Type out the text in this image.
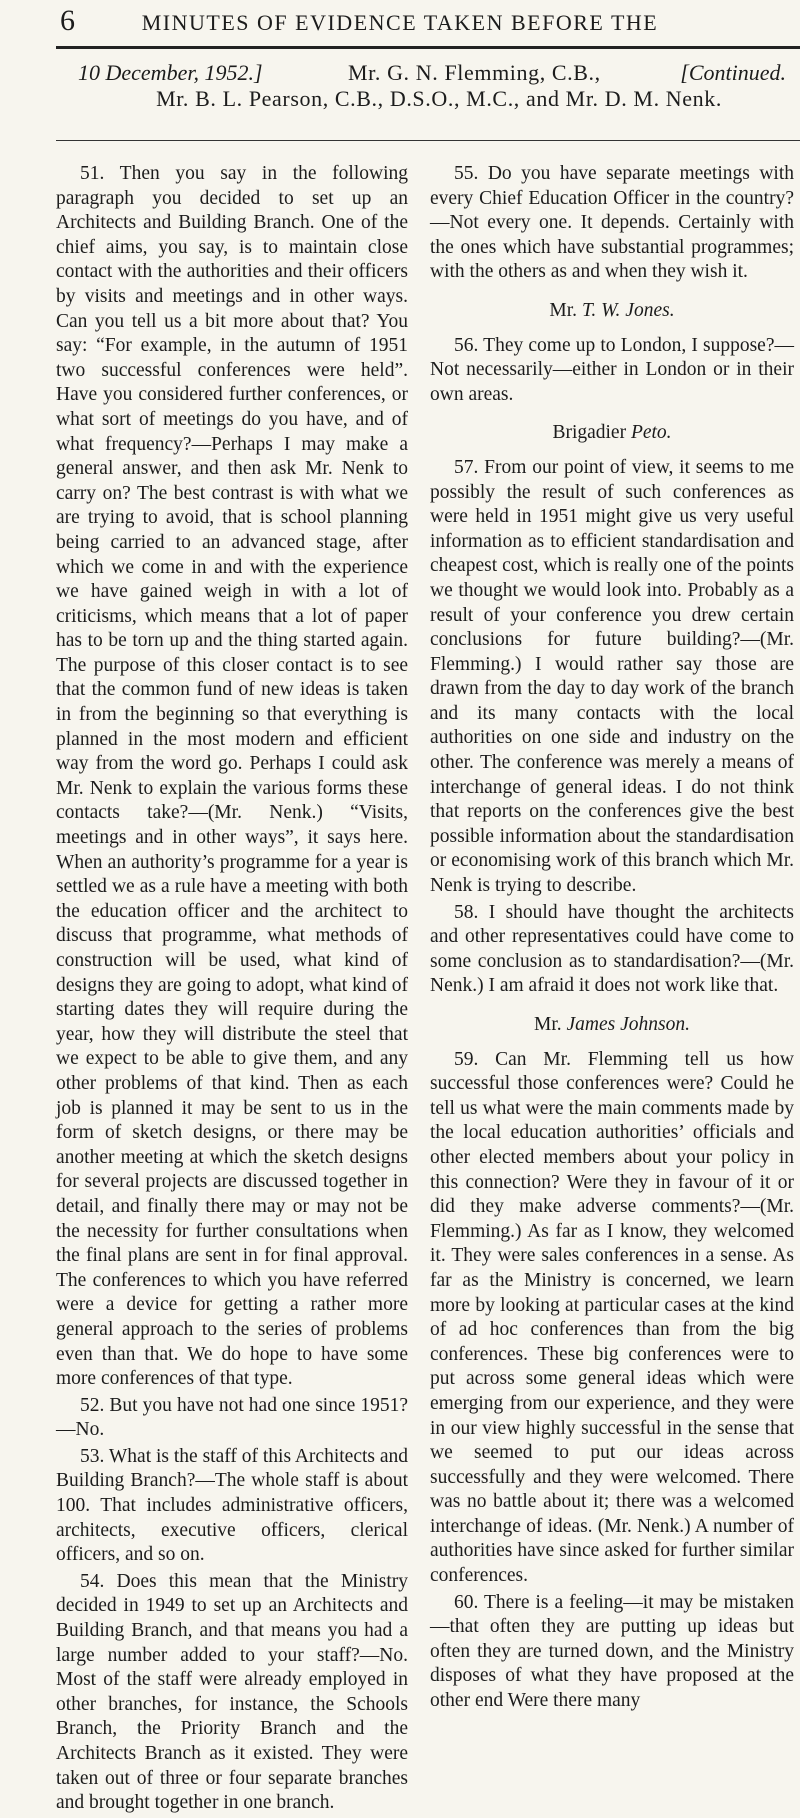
6	MINUTES OF EVIDENCE TAKEN BEFORE THE
10 December, 1952.]	Mr. G. N. Flemming, C.B.,	[Continued.
Mr. B. L. Pearson, C.B., D.S.O., M.C., and Mr. D. M. Nenk.

51. Then you say in the following paragraph you decided to set up an Architects and Building Branch. One of the chief aims, you say, is to maintain close contact with the authorities and their officers by visits and meetings and in other ways. Can you tell us a bit more about that? You say: “For example, in the autumn of 1951 two successful conferences were held”. Have you considered further conferences, or what sort of meetings do you have, and of what frequency?—Perhaps I may make a general answer, and then ask Mr. Nenk to carry on? The best contrast is with what we are trying to avoid, that is school planning being carried to an advanced stage, after which we come in and with the experience we have gained weigh in with a lot of criticisms, which means that a lot of paper has to be torn up and the thing started again. The purpose of this closer contact is to see that the common fund of new ideas is taken in from the beginning so that everything is planned in the most modern and efficient way from the word go. Perhaps I could ask Mr. Nenk to explain the various forms these contacts take?—(Mr. Nenk.) “Visits, meetings and in other ways”, it says here. When an authority’s programme for a year is settled we as a rule have a meeting with both the education officer and the architect to discuss that programme, what methods of construction will be used, what kind of designs they are going to adopt, what kind of starting dates they will require during the year, how they will distribute the steel that we expect to be able to give them, and any other problems of that kind. Then as each job is planned it may be sent to us in the form of sketch designs, or there may be another meeting at which the sketch designs for several projects are discussed together in detail, and finally there may or may not be the necessity for further consultations when the final plans are sent in for final approval. The conferences to which you have referred were a device for getting a rather more general approach to the series of problems even than that. We do hope to have some more conferences of that type.

52. But you have not had one since 1951?—No.

53. What is the staff of this Architects and Building Branch?—The whole staff is about 100. That includes administrative officers, architects, executive officers, clerical officers, and so on.

54. Does this mean that the Ministry decided in 1949 to set up an Architects and Building Branch, and that means you had a large number added to your staff?—No. Most of the staff were already employed in other branches, for instance, the Schools Branch, the Priority Branch and the Architects Branch as it existed. They were taken out of three or four separate branches and brought together in one branch.

55. Do you have separate meetings with every Chief Education Officer in the country?—Not every one. It depends. Certainly with the ones which have substantial programmes; with the others as and when they wish it.

Mr. T. W. Jones.

56. They come up to London, I suppose?—Not necessarily—either in London or in their own areas.

Brigadier Peto.

57. From our point of view, it seems to me possibly the result of such conferences as were held in 1951 might give us very useful information as to efficient standardisation and cheapest cost, which is really one of the points we thought we would look into. Probably as a result of your conference you drew certain conclusions for future building?—(Mr. Flemming.) I would rather say those are drawn from the day to day work of the branch and its many contacts with the local authorities on one side and industry on the other. The conference was merely a means of interchange of general ideas. I do not think that reports on the conferences give the best possible information about the standardisation or economising work of this branch which Mr. Nenk is trying to describe.

58. I should have thought the architects and other representatives could have come to some conclusion as to standardisation?—(Mr. Nenk.) I am afraid it does not work like that.

Mr. James Johnson.

59. Can Mr. Flemming tell us how successful those conferences were? Could he tell us what were the main comments made by the local education authorities’ officials and other elected members about your policy in this connection? Were they in favour of it or did they make adverse comments?—(Mr. Flemming.) As far as I know, they welcomed it. They were sales conferences in a sense. As far as the Ministry is concerned, we learn more by looking at particular cases at the kind of ad hoc conferences than from the big conferences. These big conferences were to put across some general ideas which were emerging from our experience, and they were in our view highly successful in the sense that we seemed to put our ideas across successfully and they were welcomed. There was no battle about it; there was a welcomed interchange of ideas. (Mr. Nenk.) A number of authorities have since asked for further similar conferences.

60. There is a feeling—it may be mistaken—that often they are putting up ideas but often they are turned down, and the Ministry disposes of what they have proposed at the other end Were there many
